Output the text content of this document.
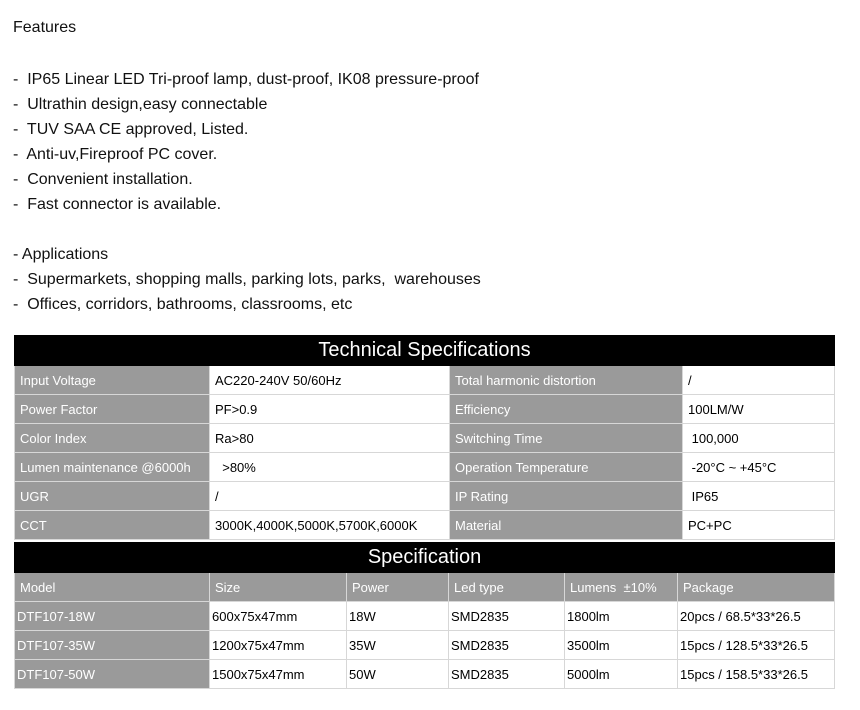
Features
-  IP65 Linear LED Tri-proof lamp, dust-proof, IK08 pressure-proof
-  Ultrathin design,easy connectable
-  TUV SAA CE approved, Listed.
-  Anti-uv,Fireproof PC cover.
-  Convenient installation.
-  Fast connector is available.
- Applications
-  Supermarkets, shopping malls, parking lots, parks,  warehouses
-  Offices, corridors, bathrooms, classrooms, etc
Technical Specifications			
Input Voltage	AC220-240V 50/60Hz	Total harmonic distortion	/
Power Factor	PF>0.9	Efficiency	100LM/W
Color Index	Ra>80	Switching Time	100,000
Lumen maintenance @6000h	>80%	Operation Temperature	-20°C ~ +45°C
UGR	/	IP Rating	IP65
CCT	3000K,4000K,5000K,5700K,6000K	Material	PC+PC
Specification					
Model	Size	Power	Led type	Lumens  ±10%	Package
DTF107-18W	600x75x47mm	18W	SMD2835	1800lm	20pcs / 68.5*33*26.5
DTF107-35W	1200x75x47mm	35W	SMD2835	3500lm	15pcs / 128.5*33*26.5
DTF107-50W	1500x75x47mm	50W	SMD2835	5000lm	15pcs / 158.5*33*26.5
